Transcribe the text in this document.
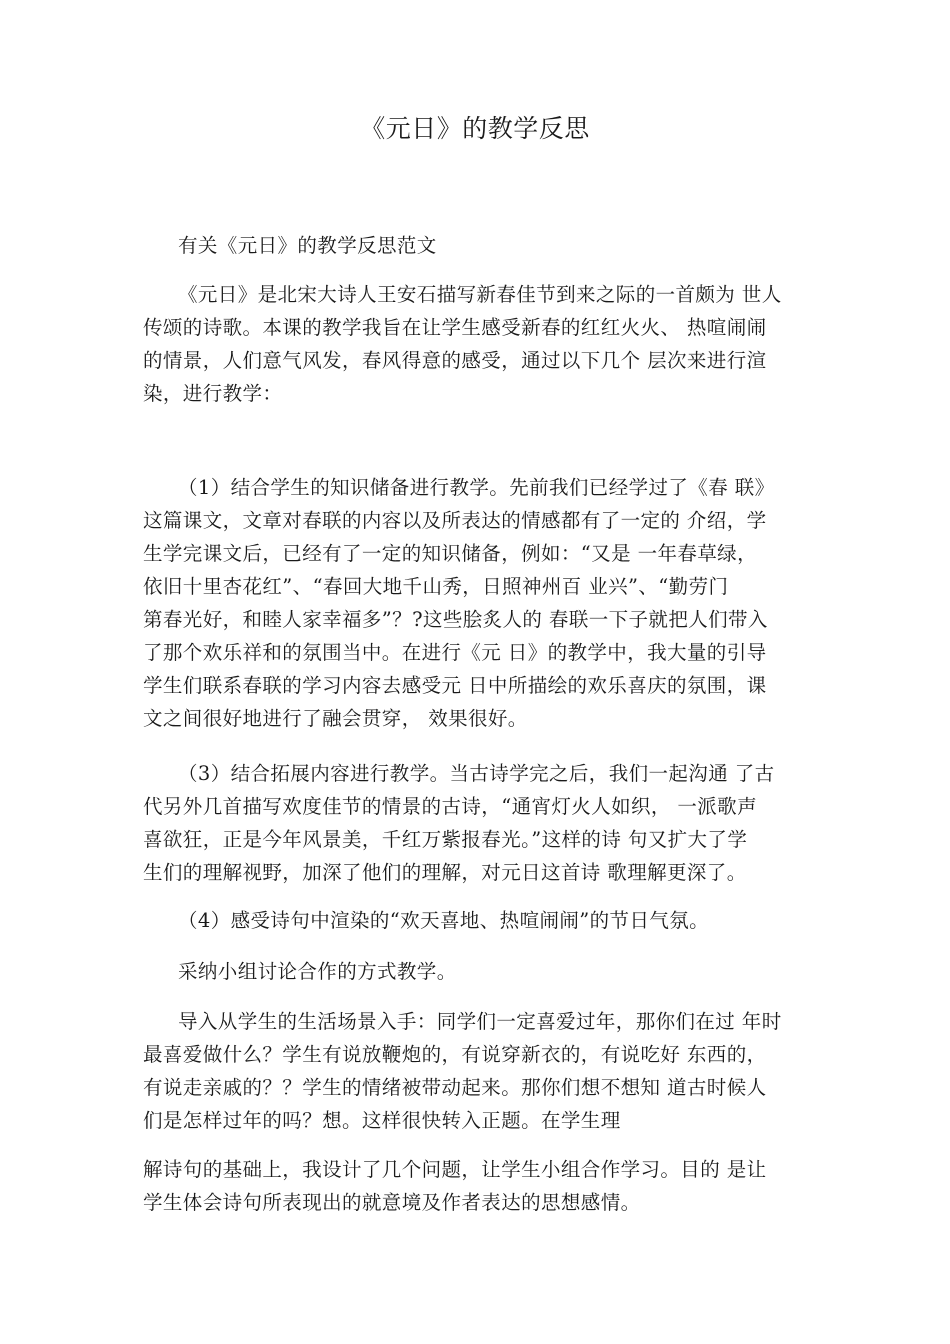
《元日》的教学反思

有关《元日》的教学反思范文

《元日》是北宋大诗人王安石描写新春佳节到来之际的一首颇为 世人
传颂的诗歌。本课的教学我旨在让学生感受新春的红红火火、 热喧闹闹
的情景，人们意气风发，春风得意的感受，通过以下几个 层次来进行渲
染，进行教学：

（1）结合学生的知识储备进行教学。先前我们已经学过了《春 联》
这篇课文，文章对春联的内容以及所表达的情感都有了一定的 介绍，学
生学完课文后，已经有了一定的知识储备，例如：“又是 一年春草绿，
依旧十里杏花红”、“春回大地千山秀，日照神州百 业兴”、“勤劳门
第春光好，和睦人家幸福多”？?这些脍炙人的 春联一下子就把人们带入
了那个欢乐祥和的氛围当中。在进行《元 日》的教学中，我大量的引导
学生们联系春联的学习内容去感受元 日中所描绘的欢乐喜庆的氛围，课
文之间很好地进行了融会贯穿， 效果很好。

（3）结合拓展内容进行教学。当古诗学完之后，我们一起沟通 了古
代另外几首描写欢度佳节的情景的古诗，“通宵灯火人如织， 一派歌声
喜欲狂，正是今年风景美，千红万紫报春光。”这样的诗 句又扩大了学
生们的理解视野，加深了他们的理解，对元日这首诗 歌理解更深了。

（4）感受诗句中渲染的“欢天喜地、热喧闹闹”的节日气氛。

采纳小组讨论合作的方式教学。

导入从学生的生活场景入手：同学们一定喜爱过年，那你们在过 年时
最喜爱做什么？学生有说放鞭炮的，有说穿新衣的，有说吃好 东西的，
有说走亲戚的？？学生的情绪被带动起来。那你们想不想知 道古时候人
们是怎样过年的吗？想。这样很快转入正题。在学生理

解诗句的基础上，我设计了几个问题，让学生小组合作学习。目的 是让
学生体会诗句所表现出的就意境及作者表达的思想感情。
